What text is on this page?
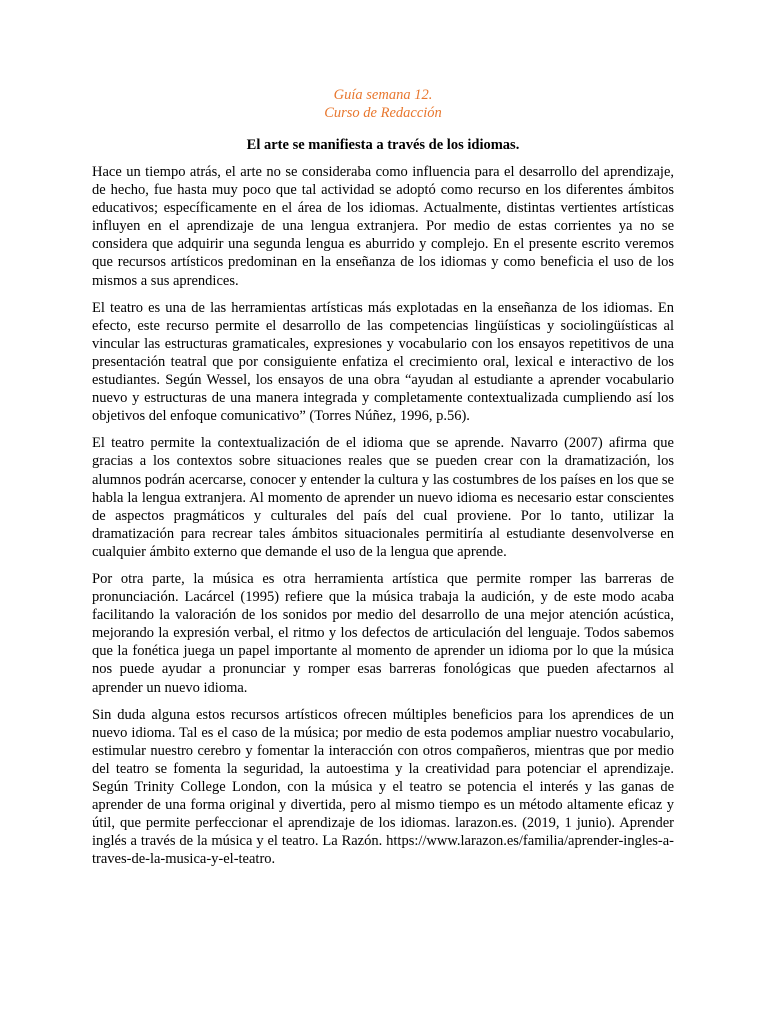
Guía semana 12.

Curso de Redacción

El arte se manifiesta a través de los idiomas.

Hace un tiempo atrás, el arte no se consideraba como influencia para el desarrollo del aprendizaje, de hecho, fue hasta muy poco que tal actividad se adoptó como recurso en los diferentes ámbitos educativos; específicamente en el área de los idiomas. Actualmente, distintas vertientes artísticas influyen en el aprendizaje de una lengua extranjera. Por medio de estas corrientes ya no se considera que adquirir una segunda lengua es aburrido y complejo. En el presente escrito veremos que recursos artísticos predominan en la enseñanza de los idiomas y como beneficia el uso de los mismos a sus aprendices.

El teatro es una de las herramientas artísticas más explotadas en la enseñanza de los idiomas. En efecto, este recurso permite el desarrollo de las competencias lingüísticas y sociolingüísticas al vincular las estructuras gramaticales, expresiones y vocabulario con los ensayos repetitivos de una presentación teatral que por consiguiente enfatiza el crecimiento oral, lexical e interactivo de los estudiantes. Según Wessel, los ensayos de una obra “ayudan al estudiante a aprender vocabulario nuevo y estructuras de una manera integrada y completamente contextualizada cumpliendo así los objetivos del enfoque comunicativo” (Torres Núñez, 1996, p.56).

El teatro permite la contextualización de el idioma que se aprende. Navarro (2007) afirma que gracias a los contextos sobre situaciones reales que se pueden crear con la dramatización, los alumnos podrán acercarse, conocer y entender la cultura y las costumbres de los países en los que se habla la lengua extranjera. Al momento de aprender un nuevo idioma es necesario estar conscientes de aspectos pragmáticos y culturales del país del cual proviene. Por lo tanto, utilizar la dramatización para recrear tales ámbitos situacionales permitiría al estudiante desenvolverse en cualquier ámbito externo que demande el uso de la lengua que aprende.

Por otra parte, la música es otra herramienta artística que permite romper las barreras de pronunciación. Lacárcel (1995) refiere que la música trabaja la audición, y de este modo acaba facilitando la valoración de los sonidos por medio del desarrollo de una mejor atención acústica, mejorando la expresión verbal, el ritmo y los defectos de articulación del lenguaje. Todos sabemos que la fonética juega un papel importante al momento de aprender un idioma por lo que la música nos puede ayudar a pronunciar y romper esas barreras fonológicas que pueden afectarnos al aprender un nuevo idioma.

Sin duda alguna estos recursos artísticos ofrecen múltiples beneficios para los aprendices de un nuevo idioma. Tal es el caso de la música; por medio de esta podemos ampliar nuestro vocabulario, estimular nuestro cerebro y fomentar la interacción con otros compañeros, mientras que por medio del teatro se fomenta la seguridad, la autoestima y la creatividad para potenciar el aprendizaje. Según Trinity College London, con la música y el teatro se potencia el interés y las ganas de aprender de una forma original y divertida, pero al mismo tiempo es un método altamente eficaz y útil, que permite perfeccionar el aprendizaje de los idiomas. larazon.es. (2019, 1 junio). Aprender inglés a través de la música y el teatro. La Razón. https://www.larazon.es/familia/aprender-ingles-a-traves-de-la-musica-y-el-teatro.
